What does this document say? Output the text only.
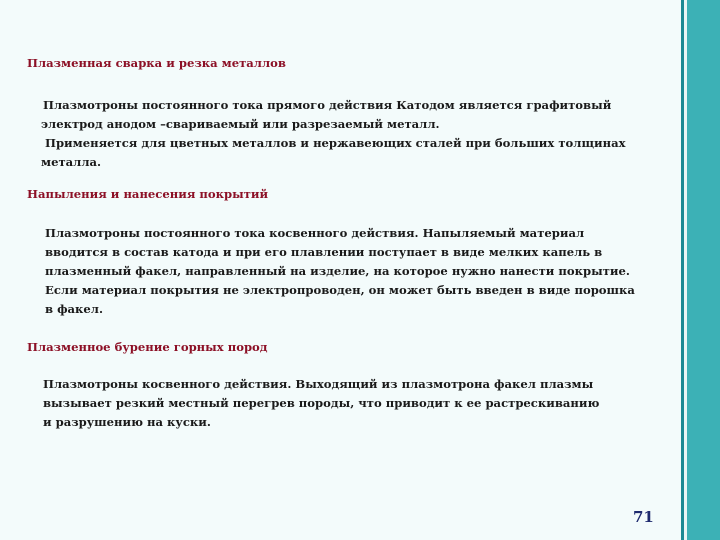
Плазменная сварка и резка металлов

Плазмотроны постоянного тока прямого действия Катодом является графитовый

электрод анодом –свариваемый или разрезаемый металл.

Применяется для цветных металлов и нержавеющих сталей при больших толщинах

металла.

Напыления и нанесения покрытий

Плазмотроны постоянного тока косвенного действия. Напыляемый материал

вводится в состав катода и при его плавлении поступает в виде мелких капель в

плазменный факел, направленный на изделие, на которое нужно нанести покрытие.

Если материал покрытия не электропроводен, он может быть введен в виде порошка

в факел.

Плазменное бурение горных пород

Плазмотроны косвенного действия. Выходящий из плазмотрона факел плазмы

вызывает резкий местный перегрев породы, что приводит к ее растрескиванию

и разрушению на куски.

71
